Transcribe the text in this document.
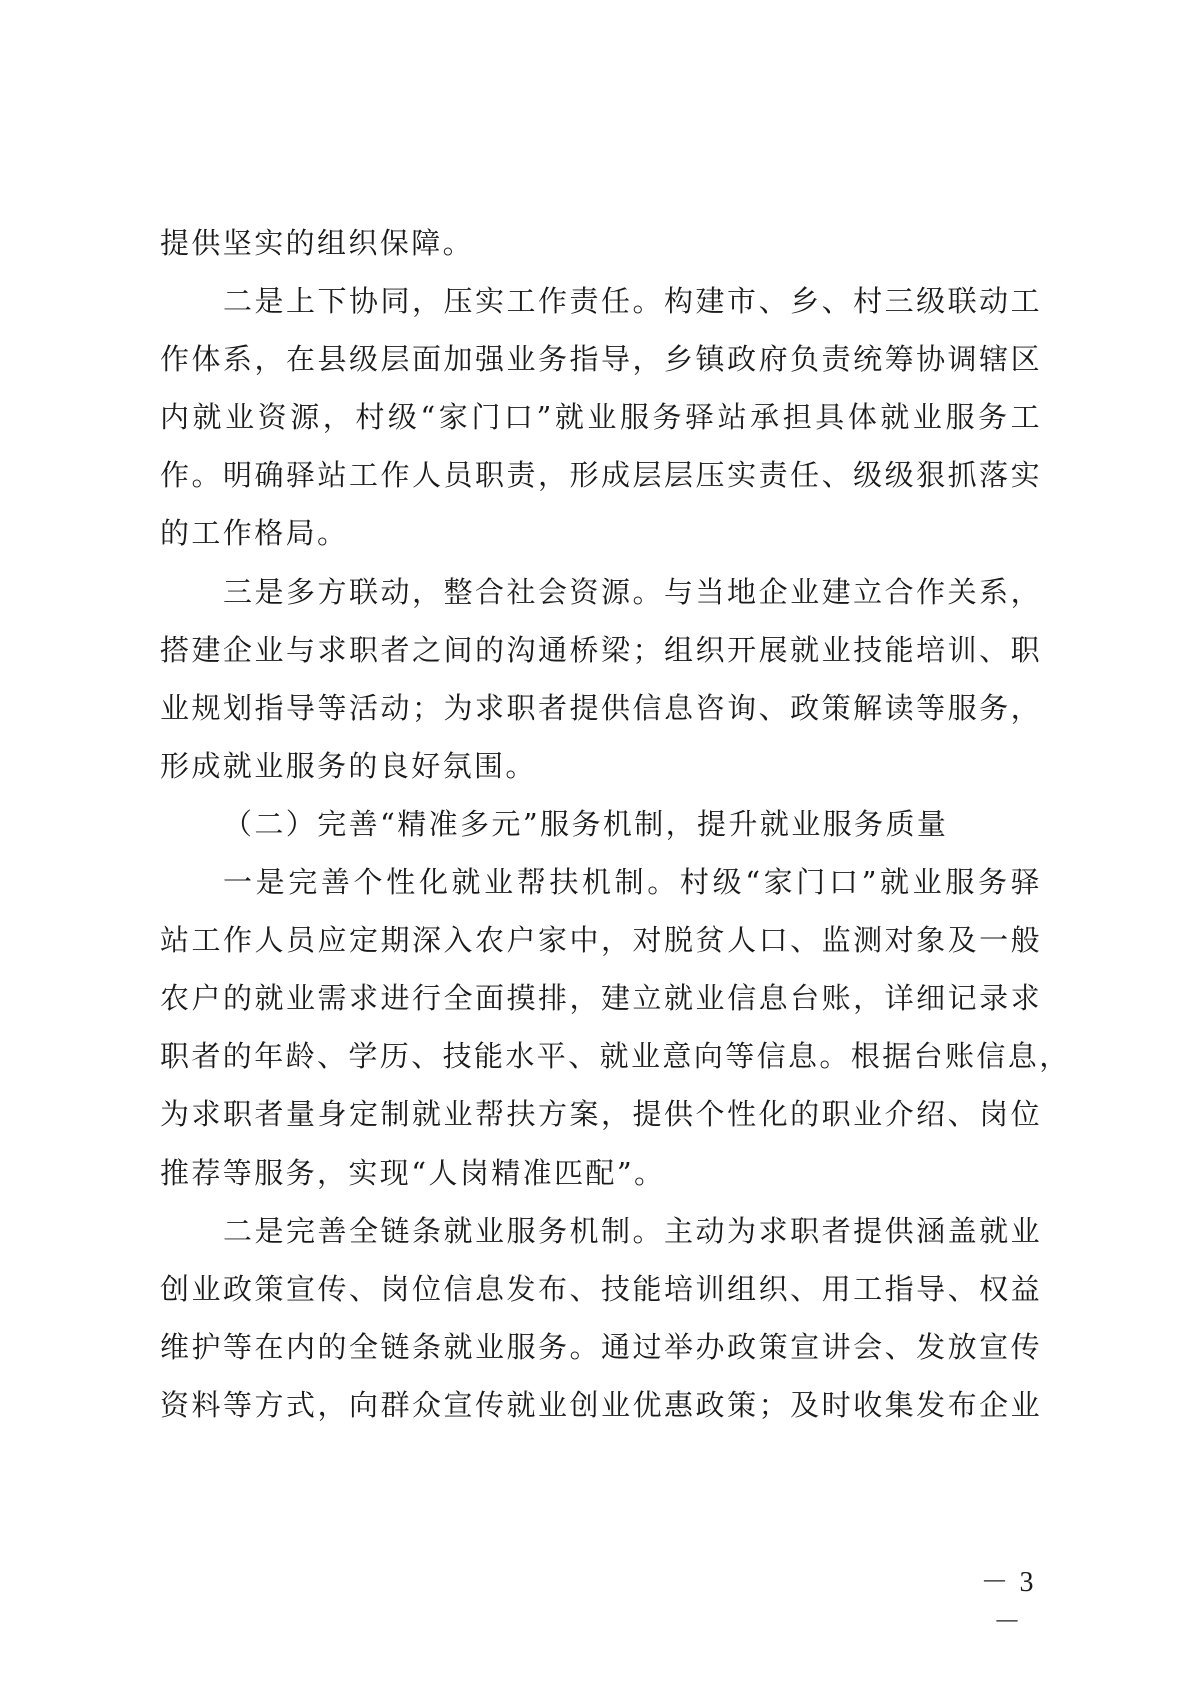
提供坚实的组织保障。
二是上下协同，压实工作责任。构建市、乡、村三级联动工
作体系，在县级层面加强业务指导，乡镇政府负责统筹协调辖区
内就业资源，村级“家门口”就业服务驿站承担具体就业服务工
作。明确驿站工作人员职责，形成层层压实责任、级级狠抓落实
的工作格局。
三是多方联动，整合社会资源。与当地企业建立合作关系，
搭建企业与求职者之间的沟通桥梁；组织开展就业技能培训、职
业规划指导等活动；为求职者提供信息咨询、政策解读等服务，
形成就业服务的良好氛围。
（二）完善“精准多元”服务机制，提升就业服务质量
一是完善个性化就业帮扶机制。村级“家门口”就业服务驿
站工作人员应定期深入农户家中，对脱贫人口、监测对象及一般
农户的就业需求进行全面摸排，建立就业信息台账，详细记录求
职者的年龄、学历、技能水平、就业意向等信息。根据台账信息，
为求职者量身定制就业帮扶方案，提供个性化的职业介绍、岗位
推荐等服务，实现“人岗精准匹配”。
二是完善全链条就业服务机制。主动为求职者提供涵盖就业
创业政策宣传、岗位信息发布、技能培训组织、用工指导、权益
维护等在内的全链条就业服务。通过举办政策宣讲会、发放宣传
资料等方式，向群众宣传就业创业优惠政策；及时收集发布企业
－ 3 －
